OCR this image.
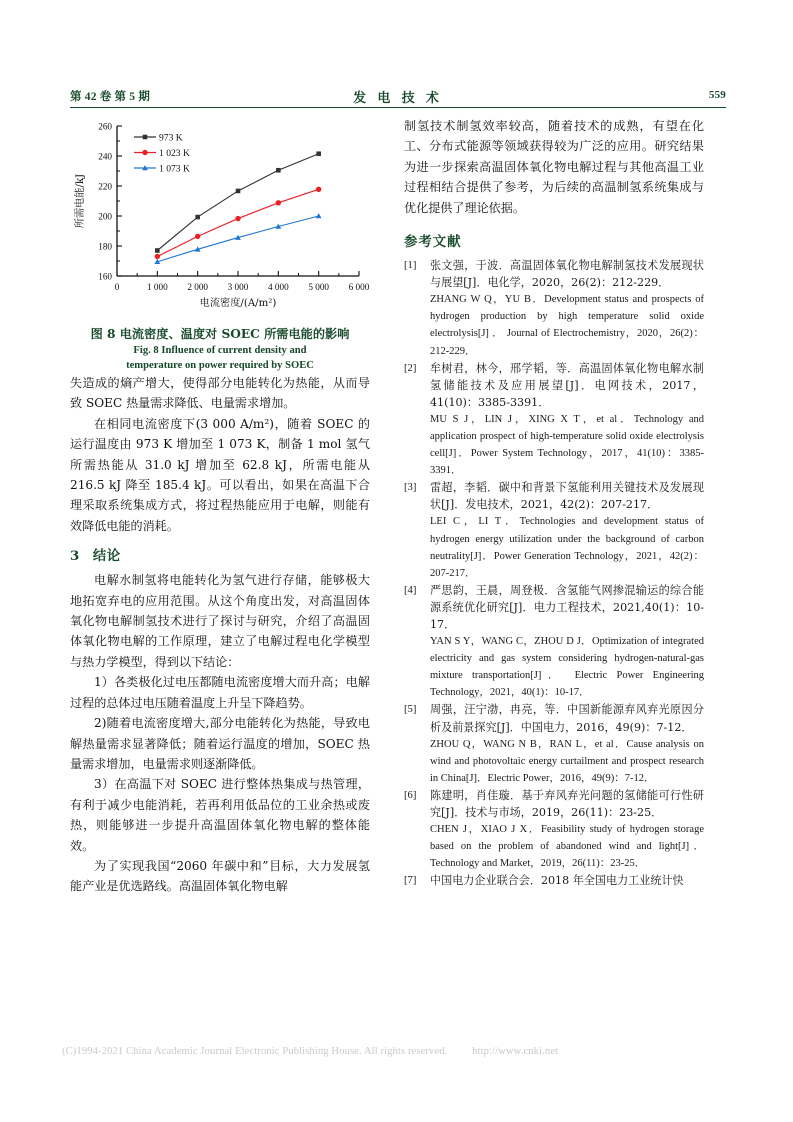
第 42 卷 第 5 期	发 电 技 术	559
0	1 000 2 000 3 000 4 000 5 000 6 000
160
180
200
220
240
260
电流密度/(A/m²)
所需电能/kJ
973 K
1 023 K
1 073 K
图 8 电流密度、温度对 SOEC 所需电能的影响
Fig. 8 Influence of current density and
temperature on power required by SOEC

失造成的熵产增大，使得部分电能转化为热能，从而导致 SOEC 热量需求降低、电量需求增加。

在相同电流密度下(3 000 A/m²)，随着 SOEC 的运行温度由 973 K 增加至 1 073 K，制备 1 mol 氢气所需热能从 31.0 kJ 增加至 62.8 kJ，所需电能从 216.5 kJ 降至 185.4 kJ。可以看出，如果在高温下合理采取系统集成方式，将过程热能应用于电解，则能有效降低电能的消耗。

3 结论

电解水制氢将电能转化为氢气进行存储，能够极大地拓宽弃电的应用范围。从这个角度出发，对高温固体氧化物电解制氢技术进行了探讨与研究，介绍了高温固体氧化物电解的工作原理，建立了电解过程电化学模型与热力学模型，得到以下结论：

1）各类极化过电压都随电流密度增大而升高；电解过程的总体过电压随着温度上升呈下降趋势。

2)随着电流密度增大,部分电能转化为热能，导致电解热量需求显著降低；随着运行温度的增加，SOEC 热量需求增加，电量需求则逐渐降低。

3）在高温下对 SOEC 进行整体热集成与热管理，有利于减少电能消耗，若再利用低品位的工业余热或废热，则能够进一步提升高温固体氧化物电解的整体能效。

为了实现我国“2060 年碳中和”目标，大力发展氢能产业是优选路线。高温固体氧化物电解

制氢技术制氢效率较高，随着技术的成熟，有望在化工、分布式能源等领域获得较为广泛的应用。研究结果为进一步探索高温固体氧化物电解过程与其他高温工业过程相结合提供了参考，为后续的高温制氢系统集成与优化提供了理论依据。

参考文献
[1] 张文强，于波．高温固体氧化物电解制氢技术发展现状与展望[J]．电化学，2020，26(2)：212-229．
ZHANG W Q，YU B．Development status and prospects of hydrogen production by high temperature solid oxide electrolysis[J] ． Journal of Electrochemistry，2020，26(2)：212-229．
[2] 牟树君，林今，邢学韬，等．高温固体氧化物电解水制氢储能技术及应用展望[J]．电网技术，2017，41(10)：3385-3391．
MU S J，LIN J，XING X T，et al．Technology and application prospect of high-temperature solid oxide electrolysis cell[J]．Power System Technology，2017，41(10)：3385-3391．
[3] 雷超，李韬．碳中和背景下氢能利用关键技术及发展现状[J]．发电技术，2021，42(2)：207-217．
LEI C，LI T．Technologies and development status of hydrogen energy utilization under the background of carbon neutrality[J]．Power Generation Technology，2021，42(2)：207-217．
[4] 严思韵，王晨，周登极．含氢能气网掺混输运的综合能源系统优化研究[J]．电力工程技术，2021,40(1)：10-17．
YAN S Y，WANG C，ZHOU D J．Optimization of integrated electricity and gas system considering hydrogen-natural-gas mixture transportation[J]． Electric Power Engineering Technology，2021，40(1)：10-17．
[5] 周强，汪宁渤，冉亮，等．中国新能源弃风弃光原因分析及前景探究[J]．中国电力，2016，49(9)：7-12．
ZHOU Q，WANG N B，RAN L，et al．Cause analysis on wind and photovoltaic energy curtailment and prospect research in China[J]．Electric Power，2016，49(9)：7-12．
[6] 陈建明，肖佳璇．基于弃风弃光问题的氢储能可行性研究[J]．技术与市场，2019，26(11)：23-25．
CHEN J，XIAO J X．Feasibility study of hydrogen storage based on the problem of abandoned wind and light[J]．Technology and Market，2019，26(11)：23-25．
[7] 中国电力企业联合会．2018 年全国电力工业统计快
(C)1994-2021 China Academic Journal Electronic Publishing House. All rights reserved. http://www.cnki.net
